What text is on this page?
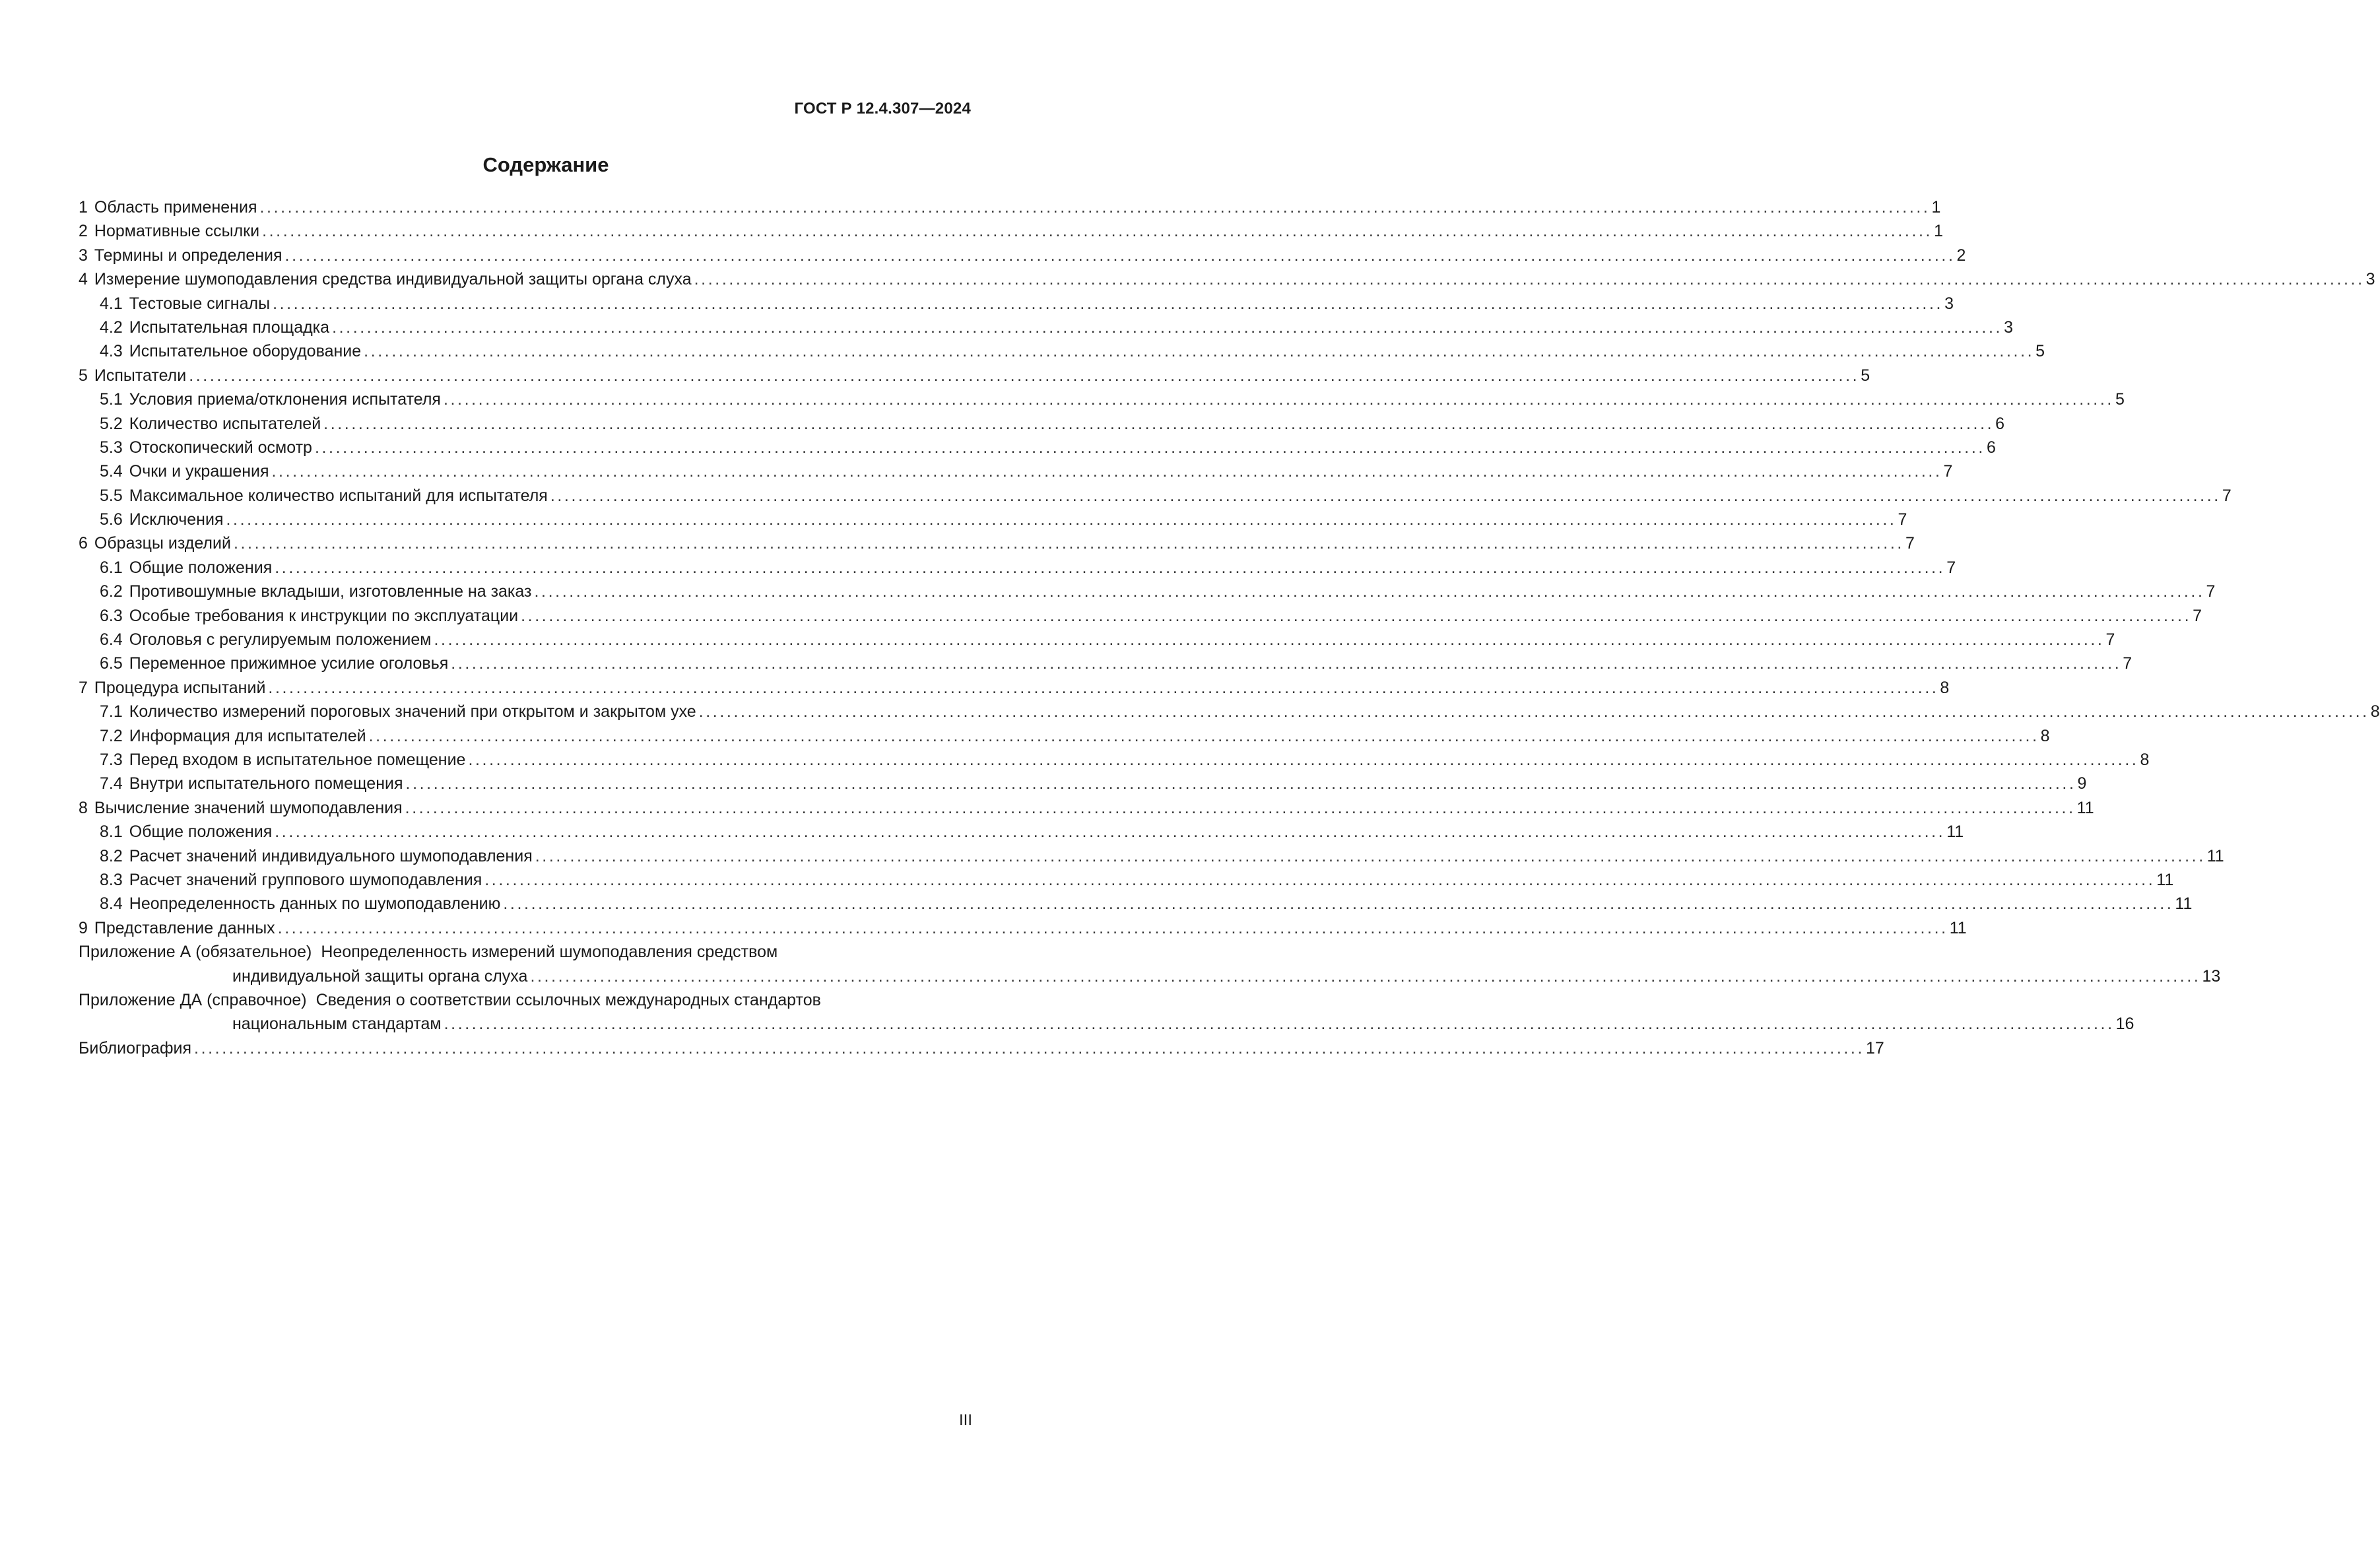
ГОСТ Р 12.4.307—2024
Содержание
1 Область применения ................................................................................................................................................................................................................................................ 1
2 Нормативные ссылки ................................................................................................................................................................................................................................................ 1
3 Термины и определения ................................................................................................................................................................................................................................................ 2
4 Измерение шумоподавления средства индивидуальной защиты органа слуха ................................................................................................................................................................................................................................................ 3
4.1 Тестовые сигналы ................................................................................................................................................................................................................................................ 3
4.2 Испытательная площадка ................................................................................................................................................................................................................................................ 3
4.3 Испытательное оборудование ................................................................................................................................................................................................................................................ 5
5 Испытатели ................................................................................................................................................................................................................................................ 5
5.1 Условия приема/отклонения испытателя ................................................................................................................................................................................................................................................ 5
5.2 Количество испытателей ................................................................................................................................................................................................................................................ 6
5.3 Отоскопический осмотр ................................................................................................................................................................................................................................................ 6
5.4 Очки и украшения ................................................................................................................................................................................................................................................ 7
5.5 Максимальное количество испытаний для испытателя ................................................................................................................................................................................................................................................ 7
5.6 Исключения ................................................................................................................................................................................................................................................ 7
6 Образцы изделий ................................................................................................................................................................................................................................................ 7
6.1 Общие положения ................................................................................................................................................................................................................................................ 7
6.2 Противошумные вкладыши, изготовленные на заказ ................................................................................................................................................................................................................................................ 7
6.3 Особые требования к инструкции по эксплуатации ................................................................................................................................................................................................................................................ 7
6.4 Оголовья с регулируемым положением ................................................................................................................................................................................................................................................ 7
6.5 Переменное прижимное усилие оголовья ................................................................................................................................................................................................................................................ 7
7 Процедура испытаний ................................................................................................................................................................................................................................................ 8
7.1 Количество измерений пороговых значений при открытом и закрытом ухе ................................................................................................................................................................................................................................................ 8
7.2 Информация для испытателей ................................................................................................................................................................................................................................................ 8
7.3 Перед входом в испытательное помещение ................................................................................................................................................................................................................................................ 8
7.4 Внутри испытательного помещения ................................................................................................................................................................................................................................................ 9
8 Вычисление значений шумоподавления ................................................................................................................................................................................................................................................ 11
8.1 Общие положения ................................................................................................................................................................................................................................................ 11
8.2 Расчет значений индивидуального шумоподавления ................................................................................................................................................................................................................................................ 11
8.3 Расчет значений группового шумоподавления ................................................................................................................................................................................................................................................ 11
8.4 Неопределенность данных по шумоподавлению ................................................................................................................................................................................................................................................ 11
9 Представление данных ................................................................................................................................................................................................................................................ 11
Приложение А (обязательное) Неопределенность измерений шумоподавления средством
индивидуальной защиты органа слуха ................................................................................................................................................................................................................................................ 13
Приложение ДА (справочное) Сведения о соответствии ссылочных международных стандартов
национальным стандартам ................................................................................................................................................................................................................................................ 16
Библиография ................................................................................................................................................................................................................................................ 17
III
